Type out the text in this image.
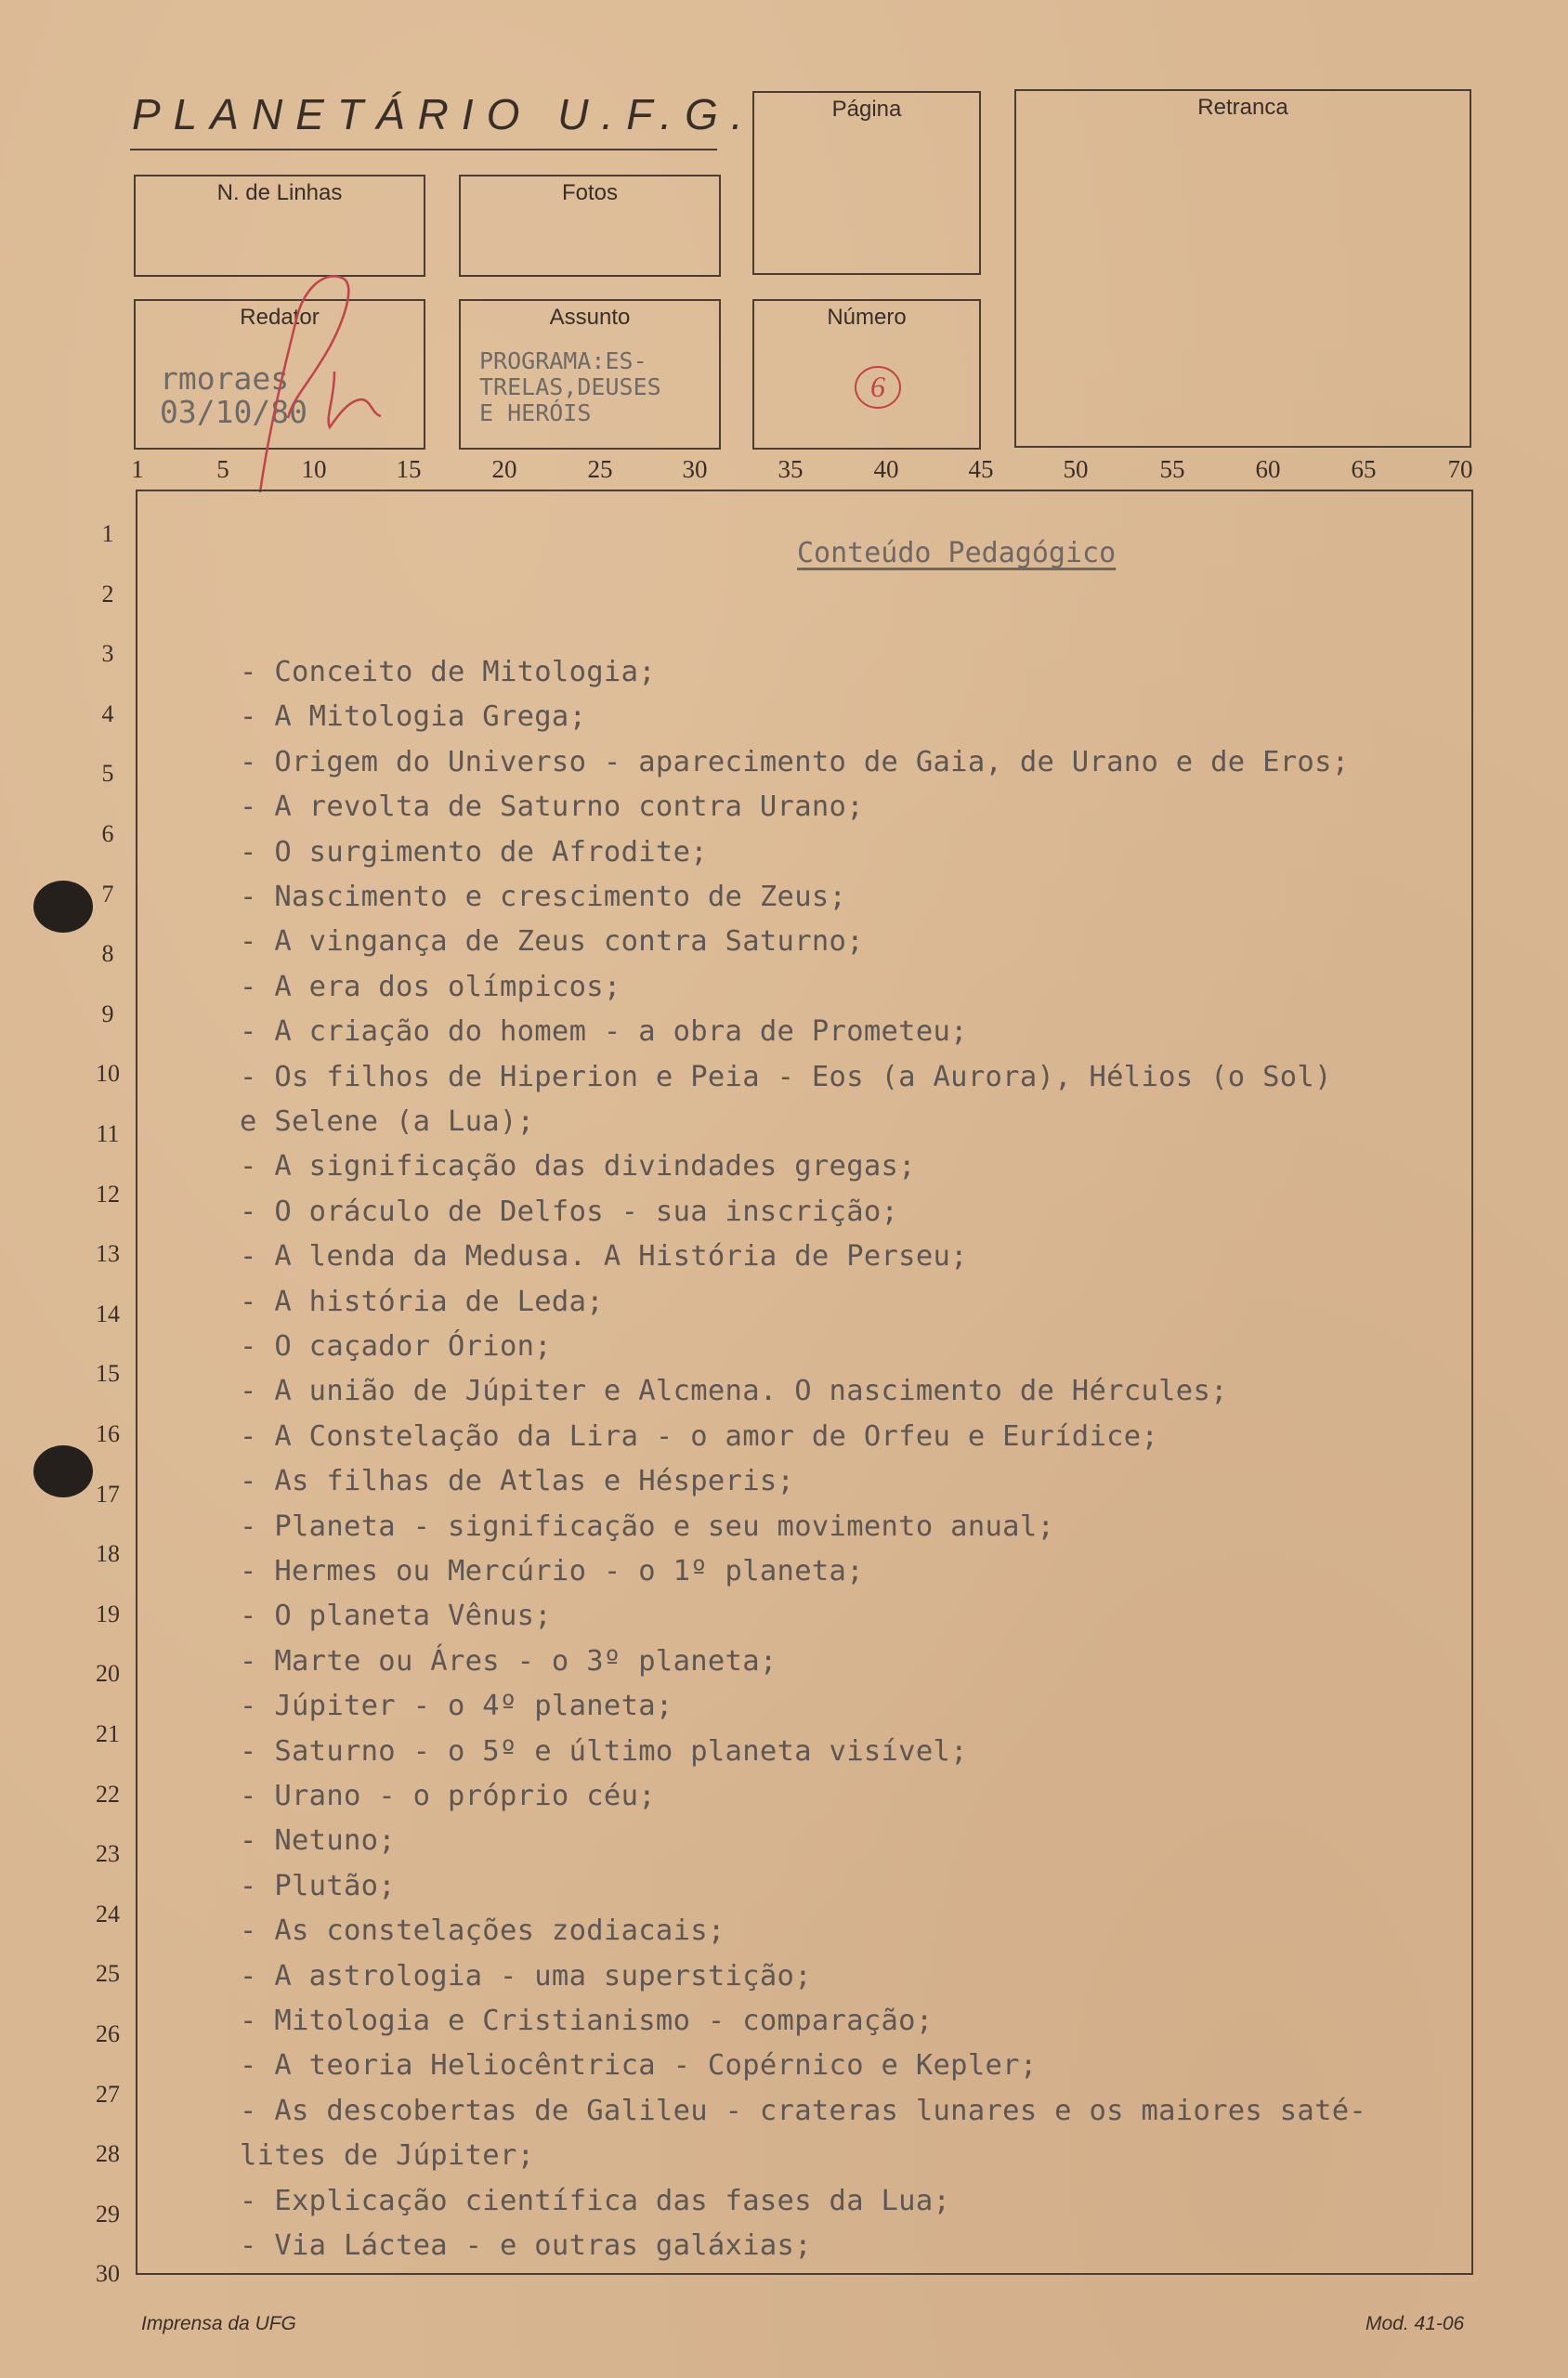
PLANETÁRIO U.F.G.
N. de Linhas	Fotos
Página	Retranca
Redator
rmoraes
03/10/80
Assunto
PROGRAMA:ES-
TRELAS,DEUSES
E HERÓIS
Número
6
1	5	10	15	20	25	30	35	40	45	50	55	60	65	70
1
2
3
4
5
6
7
8
9
10
11
12
13
14
15
16
17
18
19
20
21
22
23
24
25
26
27
28
29
30
Conteúdo Pedagógico
- Conceito de Mitologia;
- A Mitologia Grega;
- Origem do Universo - aparecimento de Gaia, de Urano e de Eros;
- A revolta de Saturno contra Urano;
- O surgimento de Afrodite;
- Nascimento e crescimento de Zeus;
- A vingança de Zeus contra Saturno;
- A era dos olímpicos;
- A criação do homem - a obra de Prometeu;
- Os filhos de Hiperion e Peia - Eos (a Aurora), Hélios (o Sol)
e Selene (a Lua);
- A significação das divindades gregas;
- O oráculo de Delfos - sua inscrição;
- A lenda da Medusa. A História de Perseu;
- A história de Leda;
- O caçador Órion;
- A união de Júpiter e Alcmena. O nascimento de Hércules;
- A Constelação da Lira - o amor de Orfeu e Eurídice;
- As filhas de Atlas e Hésperis;
- Planeta - significação e seu movimento anual;
- Hermes ou Mercúrio - o 1º planeta;
- O planeta Vênus;
- Marte ou Áres - o 3º planeta;
- Júpiter - o 4º planeta;
- Saturno - o 5º e último planeta visível;
- Urano - o próprio céu;
- Netuno;
- Plutão;
- As constelações zodiacais;
- A astrologia - uma superstição;
- Mitologia e Cristianismo - comparação;
- A teoria Heliocêntrica - Copérnico e Kepler;
- As descobertas de Galileu - crateras lunares e os maiores saté-
lites de Júpiter;
- Explicação científica das fases da Lua;
- Via Láctea - e outras galáxias;
Imprensa da UFG	Mod. 41-06
